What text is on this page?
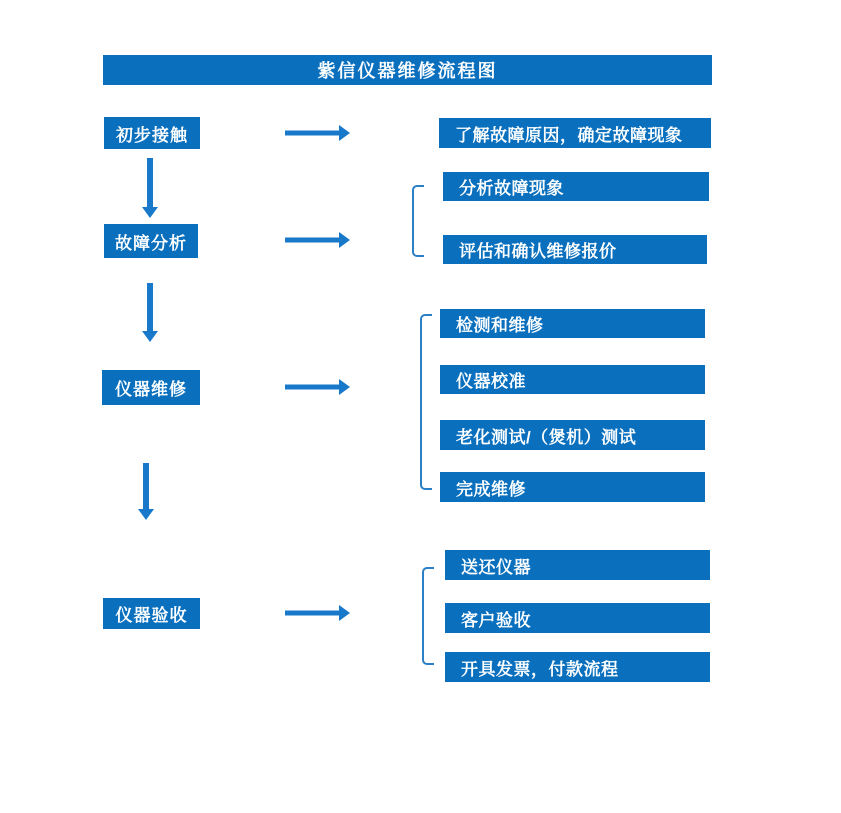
紫信仪器维修流程图
初步接触	了解故障原因，确定故障现象
故障分析
分析故障现象
评估和确认维修报价
仪器维修
检测和维修
仪器校准
老化测试/（煲机）测试
完成维修
仪器验收
送还仪器
客户验收
开具发票，付款流程
